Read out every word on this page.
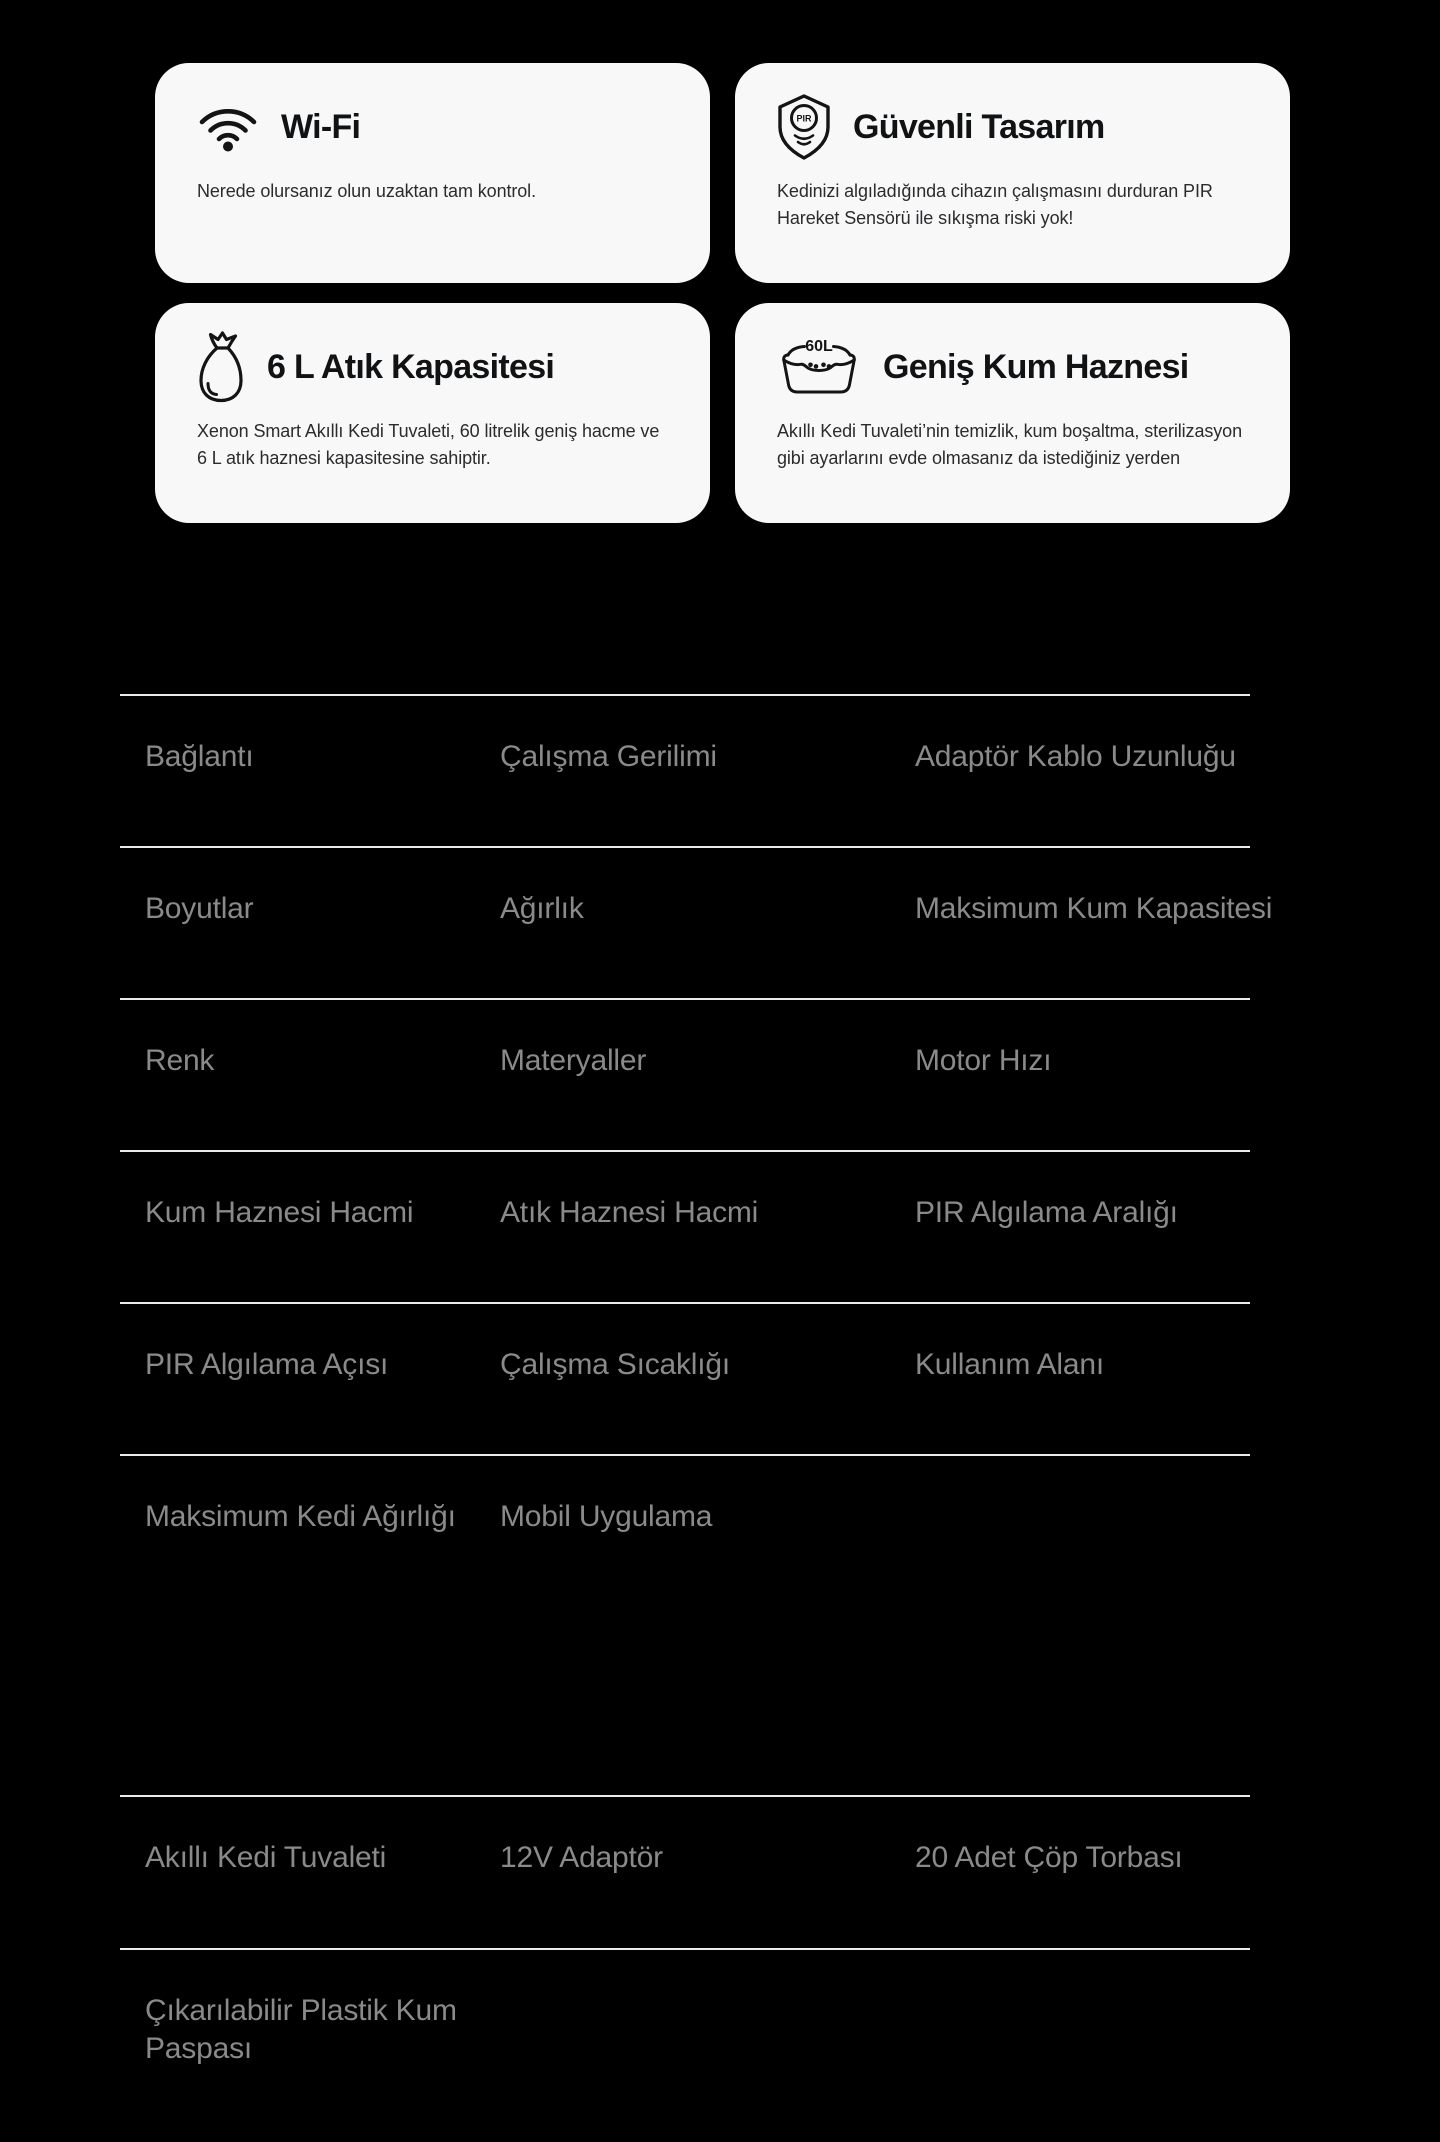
Wi-Fi

Nerede olursanız olun uzaktan tam kontrol.

PIR Güvenli Tasarım

Kedinizi algıladığında cihazın çalışmasını durduran PIR Hareket Sensörü ile sıkışma riski yok!

6 L Atık Kapasitesi

Xenon Smart Akıllı Kedi Tuvaleti, 60 litrelik geniş hacme ve 6 L atık haznesi kapasitesine sahiptir.

60L
Geniş Kum Haznesi

Akıllı Kedi Tuvaleti’nin temizlik, kum boşaltma, sterilizasyon gibi ayarlarını evde olmasanız da istediğiniz yerden

Bağlantı	Çalışma Gerilimi	Adaptör Kablo Uzunluğu
Boyutlar	Ağırlık	Maksimum Kum Kapasitesi
Renk	Materyaller	Motor Hızı
Kum Haznesi Hacmi	Atık Haznesi Hacmi	PIR Algılama Aralığı
PIR Algılama Açısı	Çalışma Sıcaklığı	Kullanım Alanı
Maksimum Kedi Ağırlığı	Mobil Uygulama
Akıllı Kedi Tuvaleti	12V Adaptör	20 Adet Çöp Torbası
Çıkarılabilir Plastik Kum Paspası
